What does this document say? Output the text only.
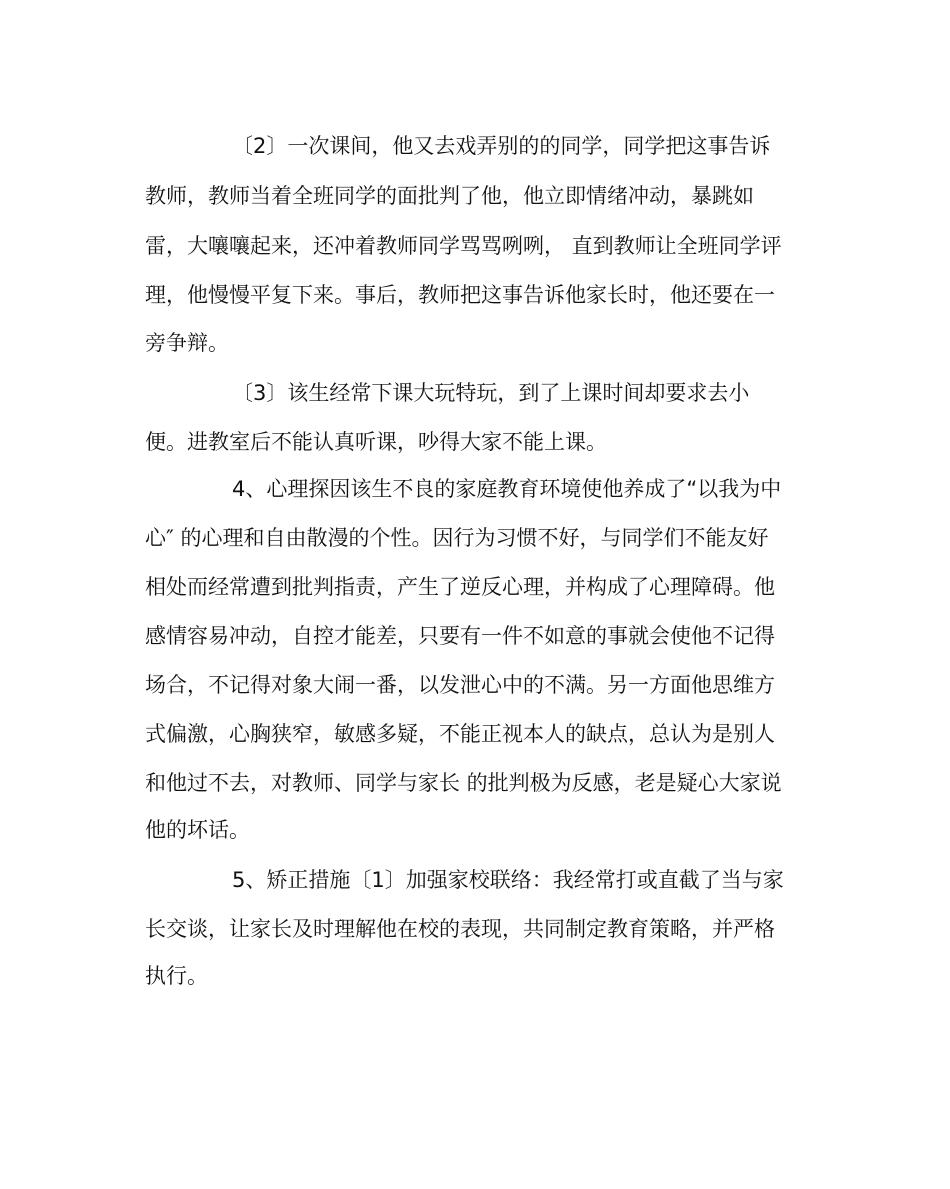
〔2〕一次课间，他又去戏弄别的的同学，同学把这事告诉

教师，教师当着全班同学的面批判了他，他立即情绪冲动，暴跳如

雷，大嚷嚷起来，还冲着教师同学骂骂咧咧， 直到教师让全班同学评

理，他慢慢平复下来。事后，教师把这事告诉他家长时，他还要在一

旁争辩。

〔3〕该生经常下课大玩特玩，到了上课时间却要求去小

便。进教室后不能认真听课，吵得大家不能上课。

4、心理探因该生不良的家庭教育环境使他养成了“以我为中

心″ 的心理和自由散漫的个性。因行为习惯不好，与同学们不能友好

相处而经常遭到批判指责，产生了逆反心理，并构成了心理障碍。他

感情容易冲动，自控才能差，只要有一件不如意的事就会使他不记得

场合，不记得对象大闹一番，以发泄心中的不满。另一方面他思维方

式偏激，心胸狭窄，敏感多疑，不能正视本人的缺点，总认为是别人

和他过不去，对教师、同学与家长 的批判极为反感，老是疑心大家说

他的坏话。

5、矫正措施〔1〕加强家校联络：我经常打或直截了当与家

长交谈，让家长及时理解他在校的表现，共同制定教育策略，并严格

执行。
